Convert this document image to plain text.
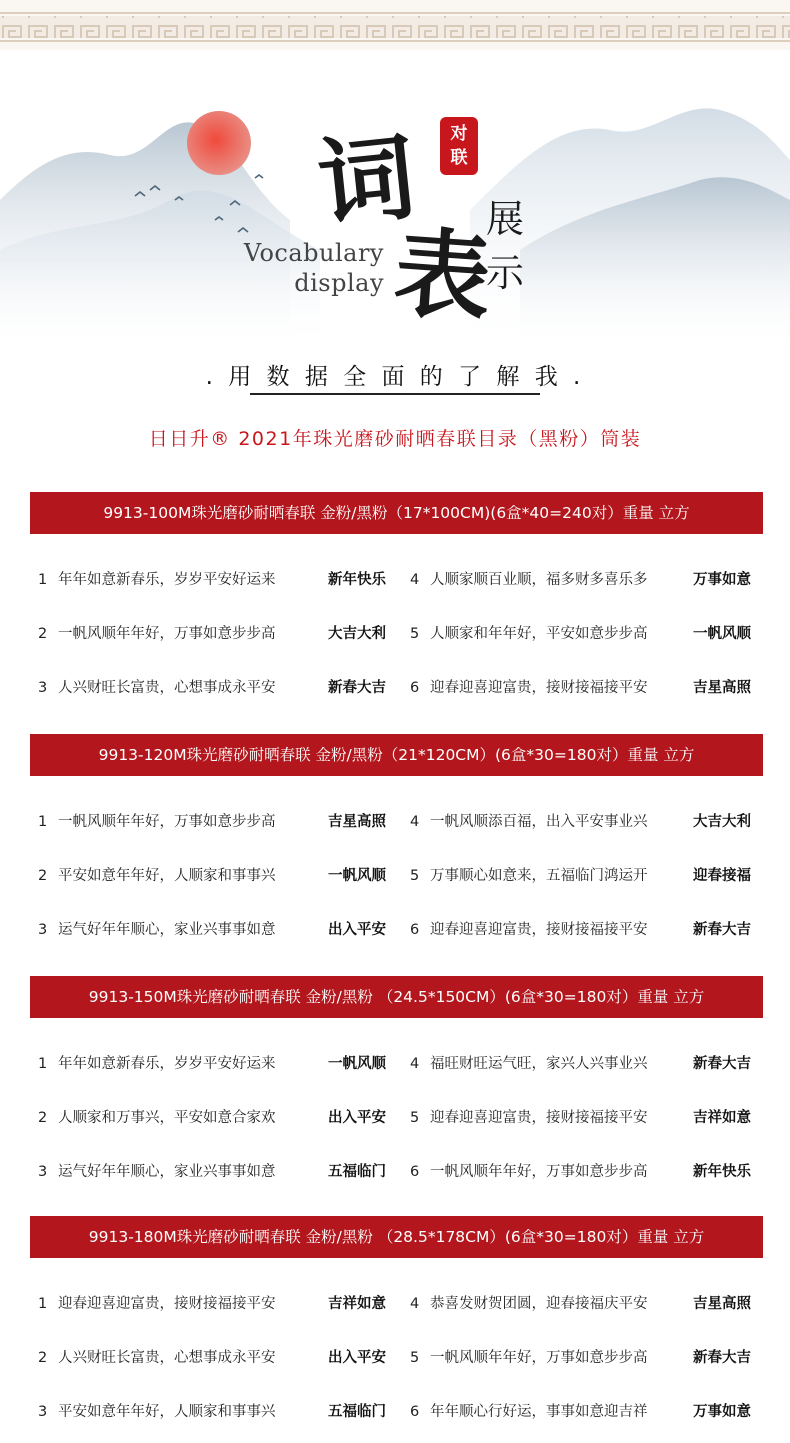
词
表
展
示
对
联
Vocabulary
display
. 用 数 据 全 面 的 了 解 我 .
日日升® 2021年珠光磨砂耐晒春联目录（黑粉）筒装
9913-100M珠光磨砂耐晒春联 金粉/黑粉（17*100CM)(6盒*40=240对）重量 立方
1 年年如意新春乐，岁岁平安好运来	新年快乐
2 一帆风顺年年好，万事如意步步高	大吉大利
3 人兴财旺长富贵，心想事成永平安	新春大吉
4 人顺家顺百业顺，福多财多喜乐多	万事如意
5 人顺家和年年好，平安如意步步高	一帆风顺
6 迎春迎喜迎富贵，接财接福接平安	吉星高照
9913-120M珠光磨砂耐晒春联 金粉/黑粉（21*120CM）(6盒*30=180对）重量 立方
1 一帆风顺年年好，万事如意步步高	吉星高照
2 平安如意年年好，人顺家和事事兴	一帆风顺
3 运气好年年顺心，家业兴事事如意	出入平安
4 一帆风顺添百福，出入平安事业兴	大吉大利
5 万事顺心如意来，五福临门鸿运开	迎春接福
6 迎春迎喜迎富贵，接财接福接平安	新春大吉
9913-150M珠光磨砂耐晒春联 金粉/黑粉 （24.5*150CM）(6盒*30=180对）重量 立方
1 年年如意新春乐，岁岁平安好运来	一帆风顺
2 人顺家和万事兴，平安如意合家欢	出入平安
3 运气好年年顺心，家业兴事事如意	五福临门
4 福旺财旺运气旺，家兴人兴事业兴	新春大吉
5 迎春迎喜迎富贵，接财接福接平安	吉祥如意
6 一帆风顺年年好，万事如意步步高	新年快乐
9913-180M珠光磨砂耐晒春联 金粉/黑粉 （28.5*178CM）(6盒*30=180对）重量 立方
1 迎春迎喜迎富贵，接财接福接平安	吉祥如意
2 人兴财旺长富贵，心想事成永平安	出入平安
3 平安如意年年好，人顺家和事事兴	五福临门
4 恭喜发财贺团圆，迎春接福庆平安	吉星高照
5 一帆风顺年年好，万事如意步步高	新春大吉
6 年年顺心行好运，事事如意迎吉祥	万事如意
